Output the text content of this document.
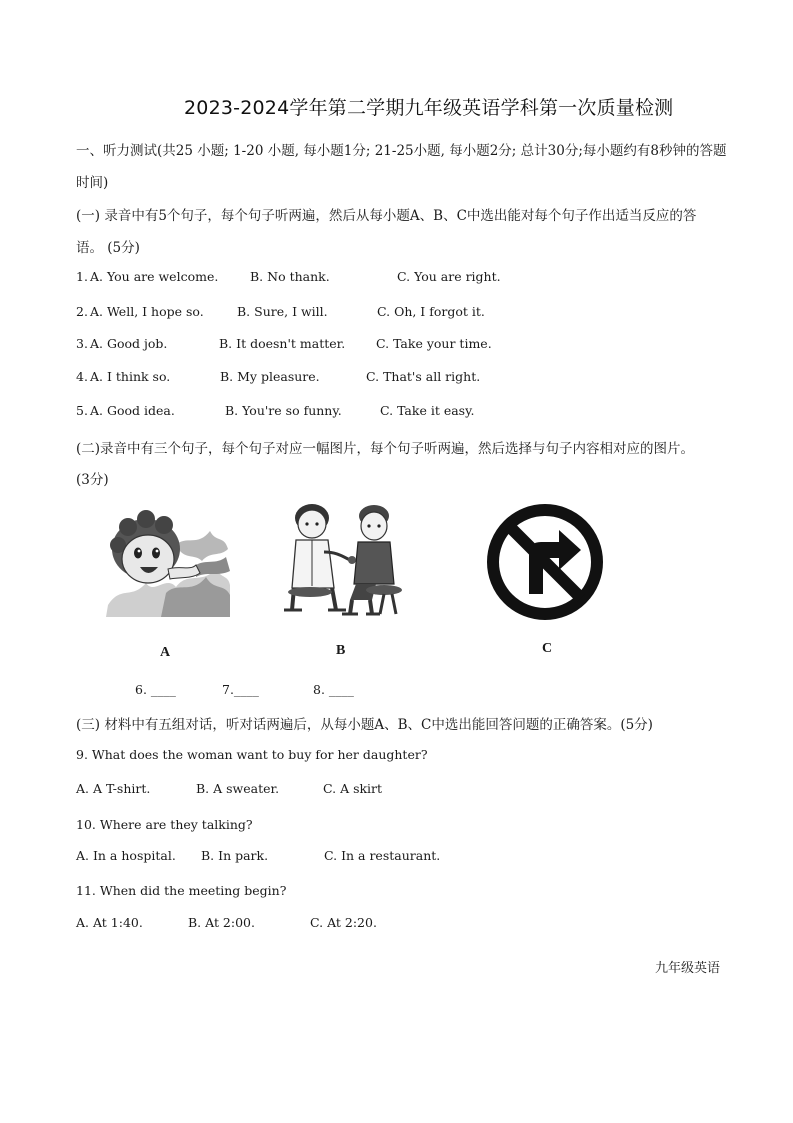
2023-2024学年第二学期九年级英语学科第一次质量检测
一、听力测试(共25 小题; 1-20 小题, 每小题1分; 21-25小题, 每小题2分; 总计30分;每小题约有8秒钟的答题
时间)
(一) 录音中有5个句子，每个句子听两遍，然后从每小题A、B、C中选出能对每个句子作出适当反应的答
语。 (5分)
1. A. You are welcome.	B. No thank.	C. You are right.
2. A. Well, I hope so.	B. Sure, I will.	C. Oh, I forgot it.
3. A. Good job.	B. It doesn't matter. C. Take your time.
4. A. I think so.	B. My pleasure.	C. That's all right.
5. A. Good idea.	B. You're so funny.	C. Take it easy.
(二)录音中有三个句子，每个句子对应一幅图片，每个句子听两遍，然后选择与句子内容相对应的图片。
(3分)
A	B	C
6. ____	7.____	8. ____
(三) 材料中有五组对话，听对话两遍后，从每小题A、B、C中选出能回答问题的正确答案。(5分)
9. What does the woman want to buy for her daughter?
A. A T-shirt.	B. A sweater.	C. A skirt
10. Where are they talking?
A. In a hospital. B. In park.	C. In a restaurant.
11. When did the meeting begin?
A. At 1:40.	B. At 2:00.	C. At 2:20.
九年级英语
